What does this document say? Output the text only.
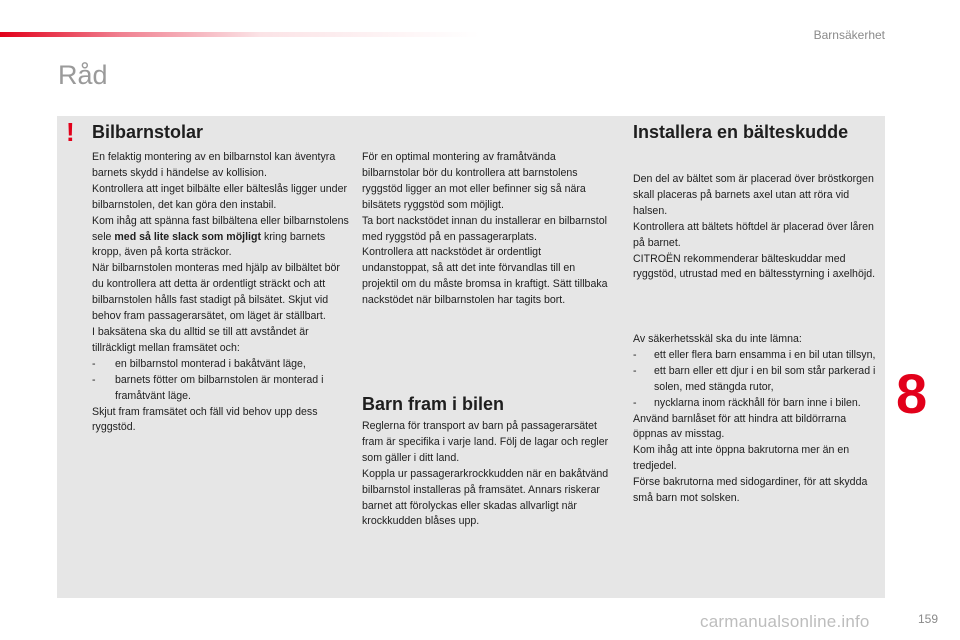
Barnsäkerhet
Råd
! Bilbarnstolar

En felaktig montering av en bilbarnstol kan äventyra barnets skydd i händelse av kollision.

Kontrollera att inget bilbälte eller bälteslås ligger under bilbarnstolen, det kan göra den instabil.

Kom ihåg att spänna fast bilbältena eller bilbarnstolens sele med så lite slack som möjligt kring barnets kropp, även på korta sträckor.

När bilbarnstolen monteras med hjälp av bilbältet bör du kontrollera att detta är ordentligt sträckt och att bilbarnstolen hålls fast stadigt på bilsätet. Skjut vid behov fram passagerarsätet, om läget är ställbart.

I baksätena ska du alltid se till att avståndet är tillräckligt mellan framsätet och:

-	en bilbarnstol monterad i bakåtvänt läge,

-	barnets fötter om bilbarnstolen är monterad i framåtvänt läge.

Skjut fram framsätet och fäll vid behov upp dess ryggstöd.

För en optimal montering av framåtvända bilbarnstolar bör du kontrollera att barnstolens ryggstöd ligger an mot eller befinner sig så nära bilsätets ryggstöd som möjligt.

Ta bort nackstödet innan du installerar en bilbarnstol med ryggstöd på en passagerarplats.

Kontrollera att nackstödet är ordentligt undanstoppat, så att det inte förvandlas till en projektil om du måste bromsa in kraftigt. Sätt tillbaka nackstödet när bilbarnstolen har tagits bort.

Barn fram i bilen

Reglerna för transport av barn på passagerarsätet fram är specifika i varje land. Följ de lagar och regler som gäller i ditt land.

Koppla ur passagerarkrockkudden när en bakåtvänd bilbarnstol installeras på framsätet. Annars riskerar barnet att förolyckas eller skadas allvarligt när krockkudden blåses upp.

Installera en bälteskudde

Den del av bältet som är placerad över bröstkorgen skall placeras på barnets axel utan att röra vid halsen.

Kontrollera att bältets höftdel är placerad över låren på barnet.

CITROËN rekommenderar bälteskuddar med ryggstöd, utrustad med en bältesstyrning i axelhöjd.

Av säkerhetsskäl ska du inte lämna:

-	ett eller flera barn ensamma i en bil utan tillsyn,

-	ett barn eller ett djur i en bil som står parkerad i solen, med stängda rutor,

-	nycklarna inom räckhåll för barn inne i bilen.

Använd barnlåset för att hindra att bildörrarna öppnas av misstag.

Kom ihåg att inte öppna bakrutorna mer än en tredjedel.

Förse bakrutorna med sidogardiner, för att skydda små barn mot solsken.

8
carmanualsonline.info	159
